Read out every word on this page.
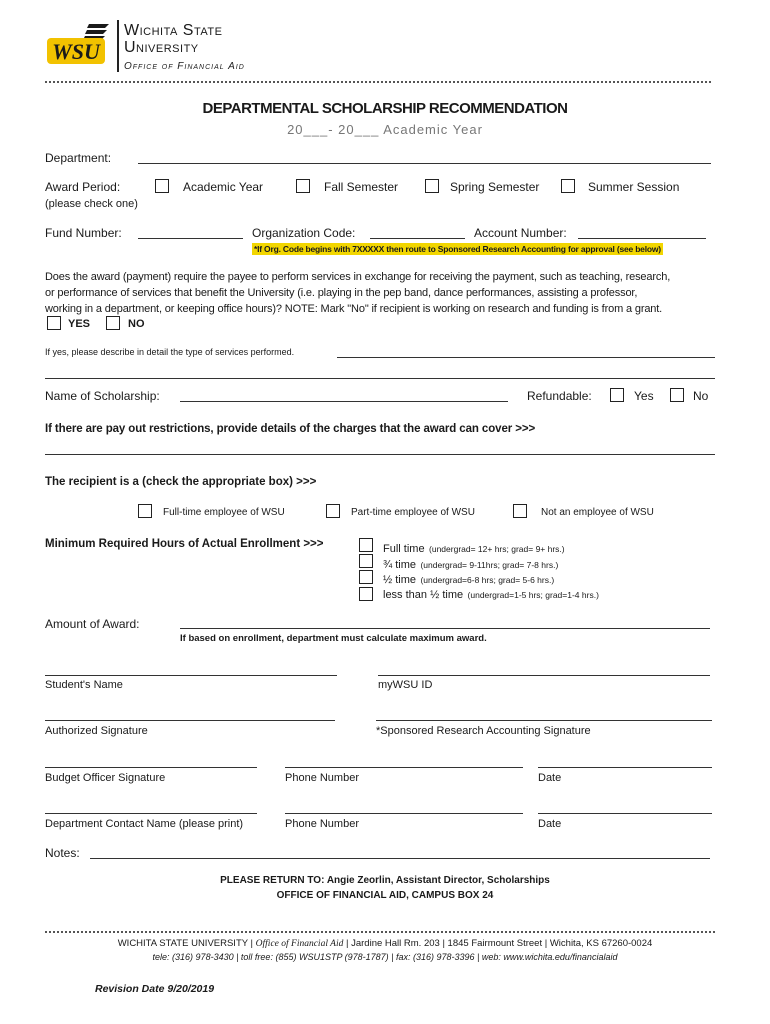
WSU
Wichita State
University
Office of Financial Aid
DEPARTMENTAL SCHOLARSHIP RECOMMENDATION
20___- 20___ Academic Year
Department:
Award Period:
(please check one)
Academic Year	Fall Semester	Spring Semester	Summer Session
Fund Number:	Organization Code:	Account Number:
*If Org. Code begins with 7XXXXX then route to Sponsored Research Accounting for approval (see below)
Does the award (payment) require the payee to perform services in exchange for receiving the payment, such as teaching, research,
or performance of services that benefit the University (i.e. playing in the pep band, dance performances, assisting a professor,
working in a department, or keeping office hours)? NOTE: Mark "No" if recipient is working on research and funding is from a grant.
YES	NO
If yes, please describe in detail the type of services performed.
Name of Scholarship:	Refundable:	Yes	No
If there are pay out restrictions, provide details of the charges that the award can cover >>>
The recipient is a (check the appropriate box) >>>
Full-time employee of WSU	Part-time employee of WSU	Not an employee of WSU
Minimum Required Hours of Actual Enrollment >>>	Full time (undergrad= 12+ hrs; grad= 9+ hrs.)
¾ time (undergrad= 9-11hrs; grad= 7-8 hrs.)
½ time (undergrad=6-8 hrs; grad= 5-6 hrs.)
less than ½ time (undergrad=1-5 hrs; grad=1-4 hrs.)
Amount of Award:
If based on enrollment, department must calculate maximum award.
Student's Name	myWSU ID
Authorized Signature	*Sponsored Research Accounting Signature
Budget Officer Signature	Phone Number	Date
Department Contact Name (please print)	Phone Number	Date
Notes:
PLEASE RETURN TO: Angie Zeorlin, Assistant Director, Scholarships
OFFICE OF FINANCIAL AID, CAMPUS BOX 24
WICHITA STATE UNIVERSITY | Office of Financial Aid | Jardine Hall Rm. 203 | 1845 Fairmount Street | Wichita, KS 67260-0024
tele: (316) 978-3430 | toll free: (855) WSU1STP (978-1787) | fax: (316) 978-3396 | web: www.wichita.edu/financialaid
Revision Date 9/20/2019
